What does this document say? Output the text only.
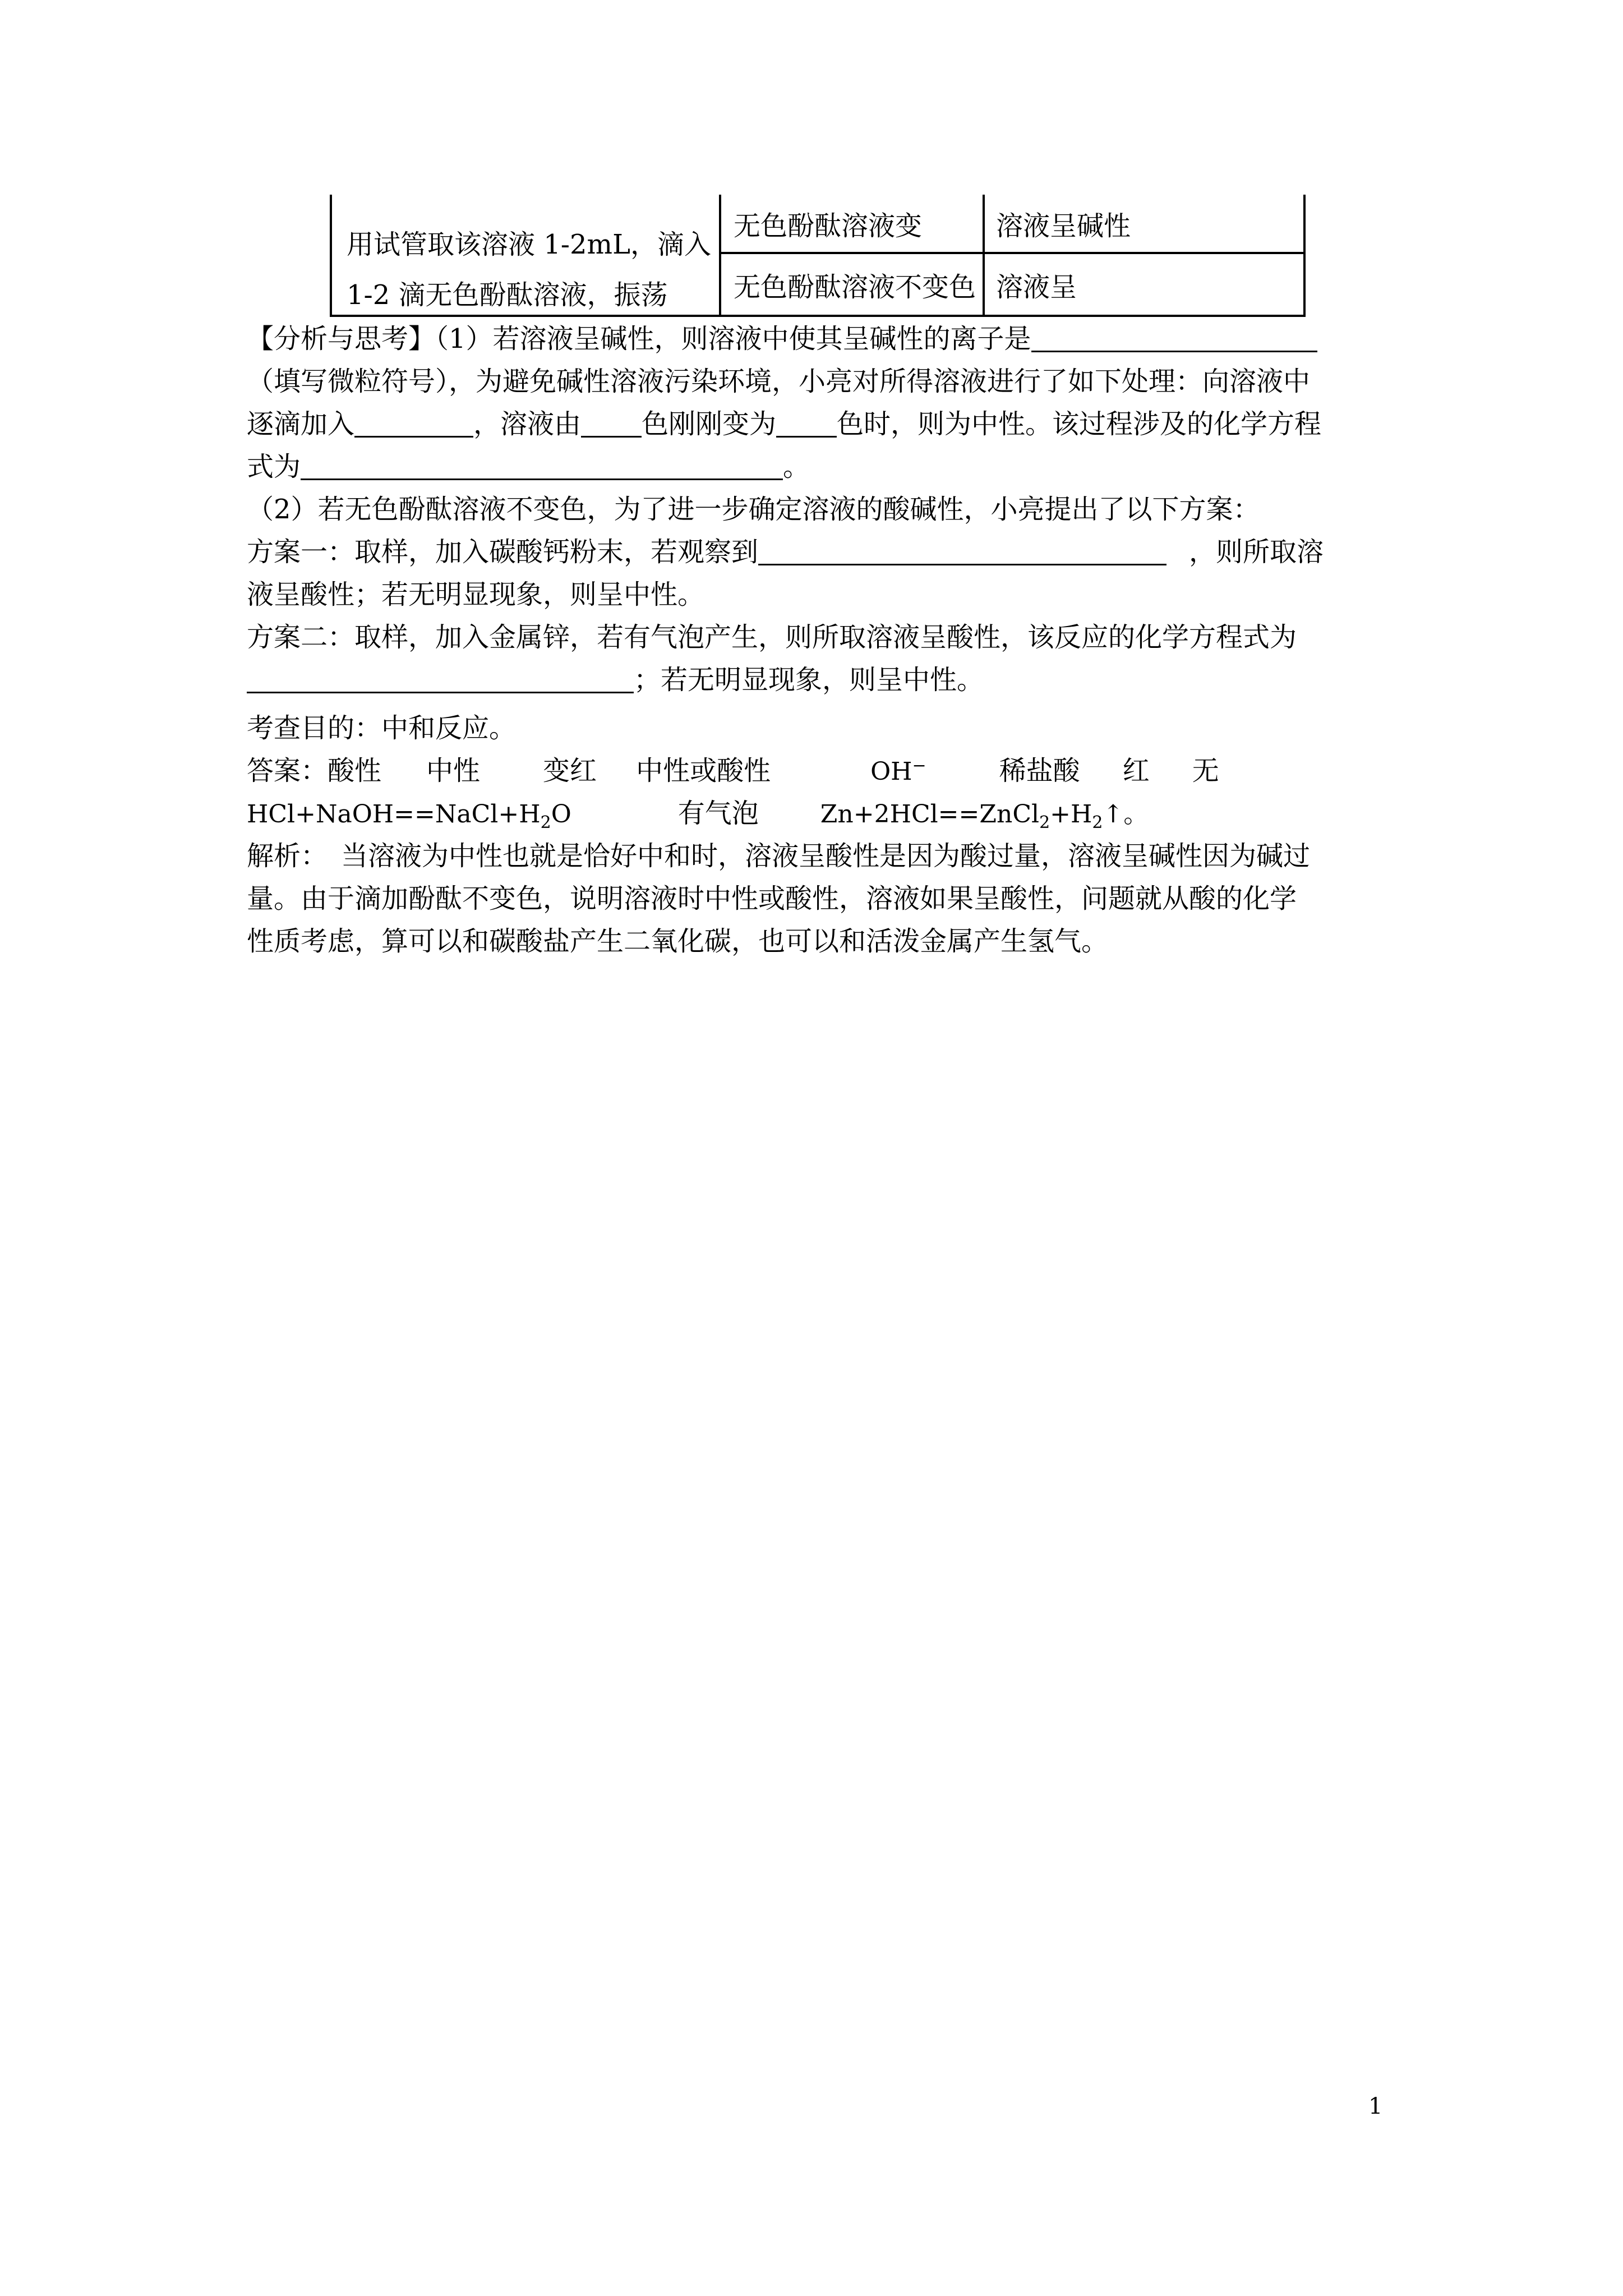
用试管取该溶液 1-2mL，滴入
1-2 滴无色酚酞溶液，振荡
无色酚酞溶液变	溶液呈碱性
无色酚酞溶液不变色 溶液呈
【分析与思考】（1）若溶液呈碱性，则溶液中使其呈碱性的离子是
（填写微粒符号），为避免碱性溶液污染环境，小亮对所得溶液进行了如下处理：向溶液中
逐滴加入	，溶液由 色刚刚变为 色时，则为中性。该过程涉及的化学方程
式为	。
（2）若无色酚酞溶液不变色，为了进一步确定溶液的酸碱性，小亮提出了以下方案：
方案一：取样，加入碳酸钙粉末，若观察到	，则所取溶
液呈酸性；若无明显现象，则呈中性。
方案二：取样，加入金属锌，若有气泡产生，则所取溶液呈酸性，该反应的化学方程式为
；若无明显现象，则呈中性。
考查目的：中和反应。
答案：酸性 中性 变红 中性或酸性	OH−	稀盐酸 红 无
$HCl+NaOH==NaCl+H_2O$	有气泡	$Zn+2HCl==ZnCl_2+H_2↑$。
解析：　当溶液为中性也就是恰好中和时，溶液呈酸性是因为酸过量，溶液呈碱性因为碱过
量。由于滴加酚酞不变色，说明溶液时中性或酸性，溶液如果呈酸性，问题就从酸的化学
性质考虑，算可以和碳酸盐产生二氧化碳，也可以和活泼金属产生氢气。
1
